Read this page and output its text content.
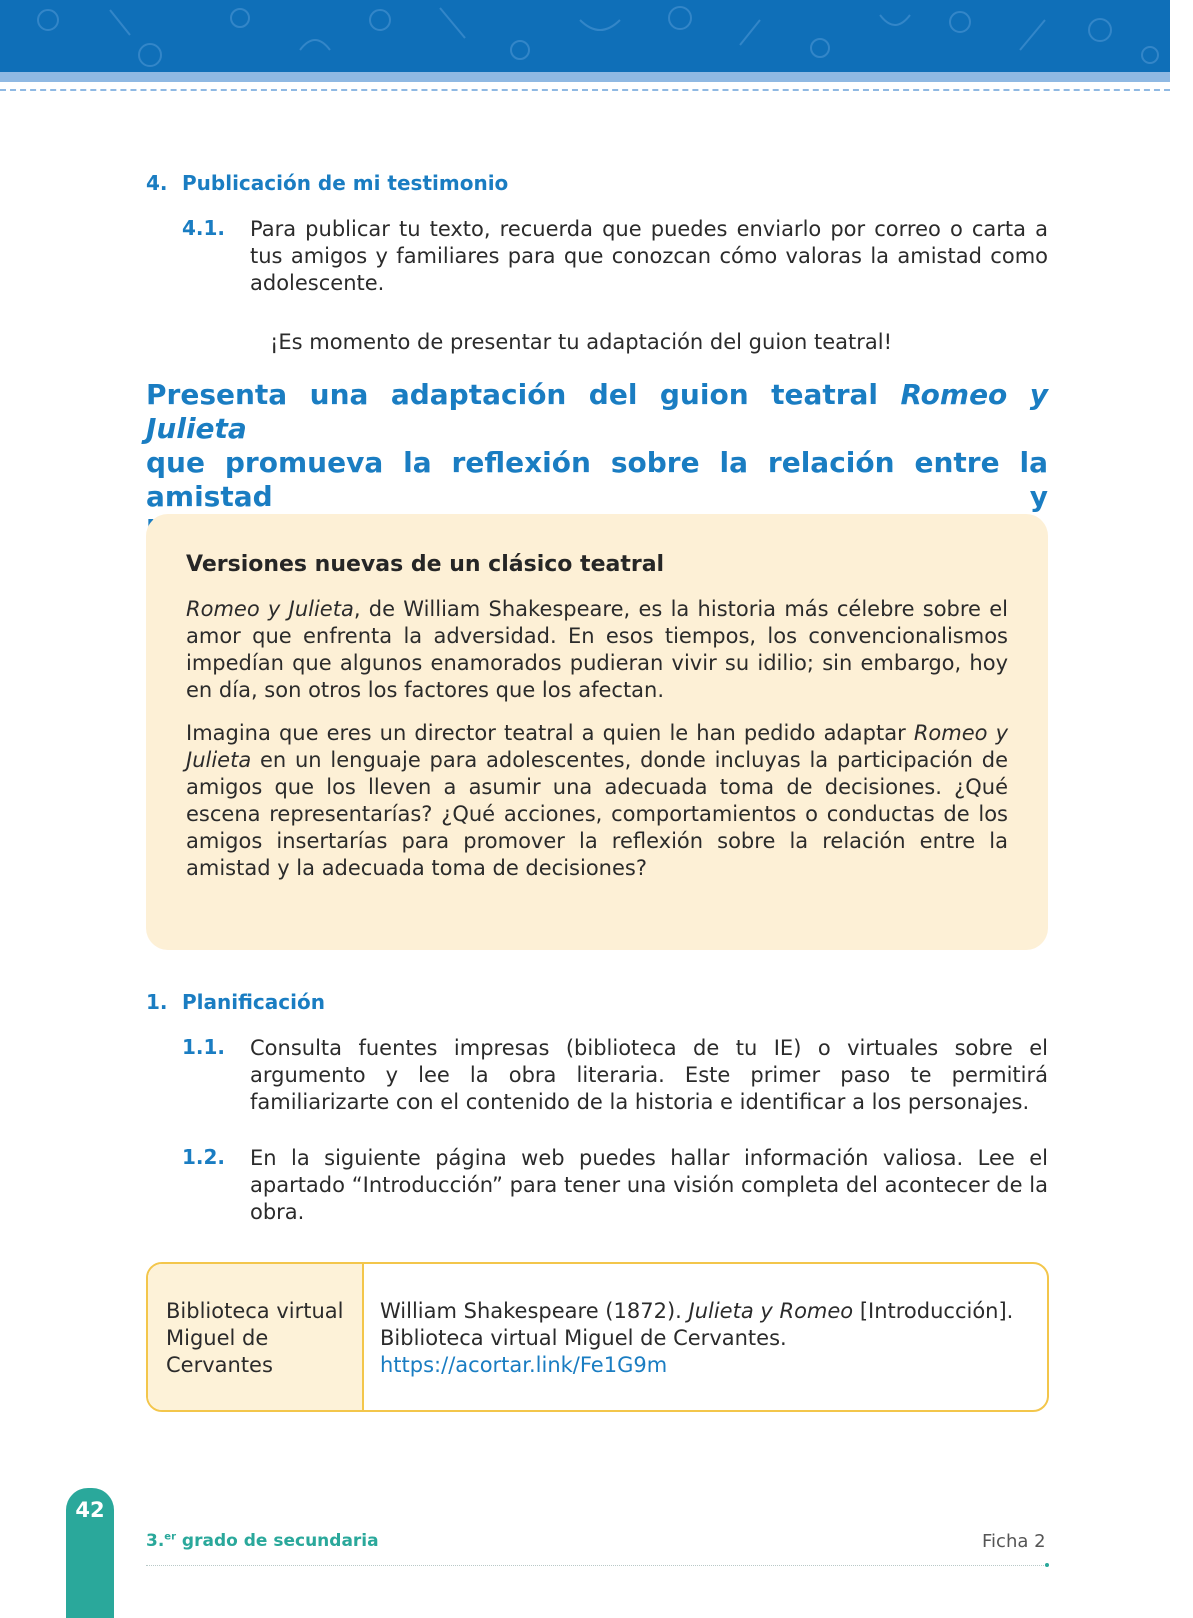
4. Publicación de mi testimonio
4.1. Para publicar tu texto, recuerda que puedes enviarlo por correo o carta a tus amigos y familiares para que conozcan cómo valoras la amistad como adolescente.
¡Es momento de presentar tu adaptación del guion teatral!
Presenta una adaptación del guion teatral Romeo y Julieta
que promueva la reflexión sobre la relación entre la amistad y
Versiones nuevas de un clásico teatral
Romeo y Julieta, de William Shakespeare, es la historia más célebre sobre el amor que enfrenta la adversidad. En esos tiempos, los convencionalismos impedían que algunos enamorados pudieran vivir su idilio; sin embargo, hoy en día, son otros los factores que los afectan.
Imagina que eres un director teatral a quien le han pedido adaptar Romeo y Julieta en un lenguaje para adolescentes, donde incluyas la participación de amigos que los lleven a asumir una adecuada toma de decisiones. ¿Qué escena representarías? ¿Qué acciones, comportamientos o conductas de los amigos insertarías para promover la reflexión sobre la relación entre la amistad y la adecuada toma de decisiones?
1. Planificación
1.1. Consulta fuentes impresas (biblioteca de tu IE) o virtuales sobre el argumento y lee la obra literaria. Este primer paso te permitirá familiarizarte con el contenido de la historia e identificar a los personajes.
1.2. En la siguiente página web puedes hallar información valiosa. Lee el apartado “Introducción” para tener una visión completa del acontecer de la obra.
Biblioteca virtual Miguel de Cervantes
William Shakespeare (1872). Julieta y Romeo [Introducción]. Biblioteca virtual Miguel de Cervantes.
https://acortar.link/Fe1G9m
42
3.$^{er}$ grado de secundaria	Ficha 2
